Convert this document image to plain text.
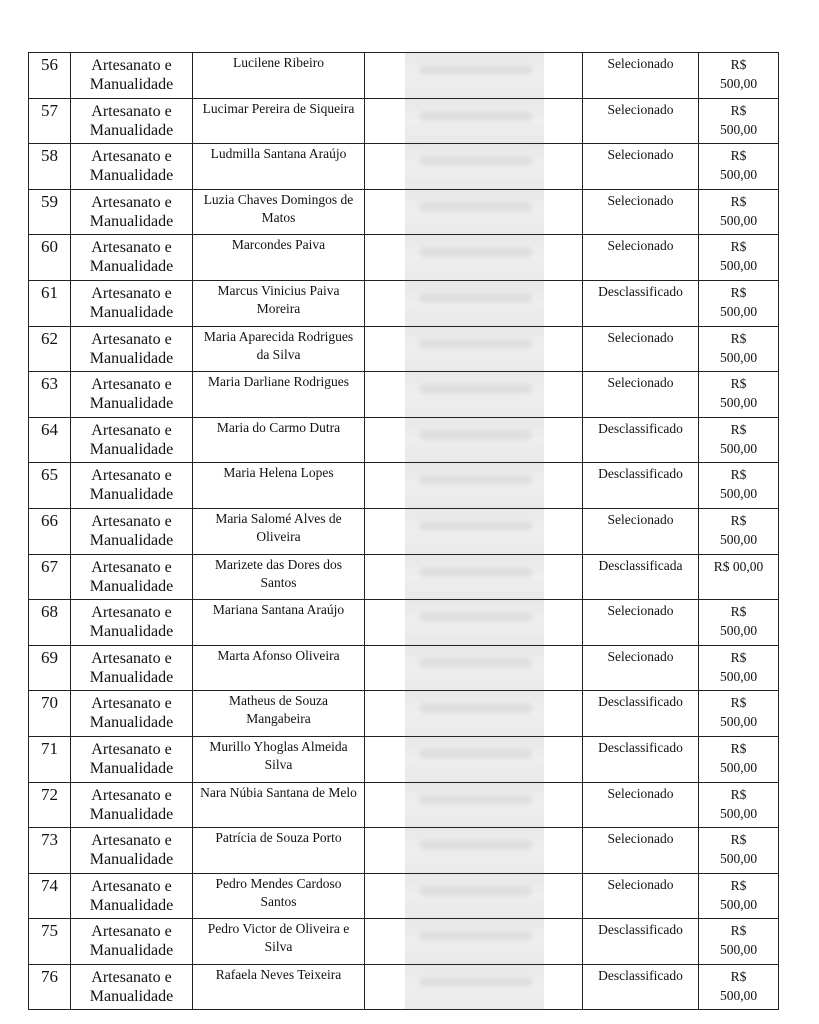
56	Artesanato e
Manualidade	Lucilene Ribeiro		Selecionado	R$
500,00

57	Artesanato e
Manualidade	Lucimar Pereira de Siqueira		Selecionado	R$
500,00

58	Artesanato e
Manualidade	Ludmilla Santana Araújo		Selecionado	R$
500,00

59	Artesanato e
Manualidade	Luzia Chaves Domingos de Matos		Selecionado	R$
500,00

60	Artesanato e
Manualidade	Marcondes Paiva		Selecionado	R$
500,00

61	Artesanato e
Manualidade	Marcus Vinicius Paiva Moreira		Desclassificado	R$
500,00

62	Artesanato e
Manualidade	Maria Aparecida Rodrigues da Silva		Selecionado	R$
500,00

63	Artesanato e
Manualidade	Maria Darliane Rodrigues		Selecionado	R$
500,00

64	Artesanato e
Manualidade	Maria do Carmo Dutra		Desclassificado	R$
500,00

65	Artesanato e
Manualidade	Maria Helena Lopes		Desclassificado	R$
500,00

66	Artesanato e
Manualidade	Maria Salomé Alves de Oliveira		Selecionado	R$
500,00

67	Artesanato e
Manualidade	Marizete das Dores dos Santos		Desclassificada	R$ 00,00

68	Artesanato e
Manualidade	Mariana Santana Araújo		Selecionado	R$
500,00

69	Artesanato e
Manualidade	Marta Afonso Oliveira		Selecionado	R$
500,00

70	Artesanato e
Manualidade	Matheus de Souza Mangabeira		Desclassificado	R$
500,00

71	Artesanato e
Manualidade	Murillo Yhoglas Almeida Silva		Desclassificado	R$
500,00

72	Artesanato e
Manualidade	Nara Núbia Santana de Melo		Selecionado	R$
500,00

73	Artesanato e
Manualidade	Patrícia de Souza Porto		Selecionado	R$
500,00

74	Artesanato e
Manualidade	Pedro Mendes Cardoso Santos		Selecionado	R$
500,00

75	Artesanato e
Manualidade	Pedro Victor de Oliveira e Silva		Desclassificado	R$
500,00

76	Artesanato e
Manualidade	Rafaela Neves Teixeira		Desclassificado	R$
500,00
